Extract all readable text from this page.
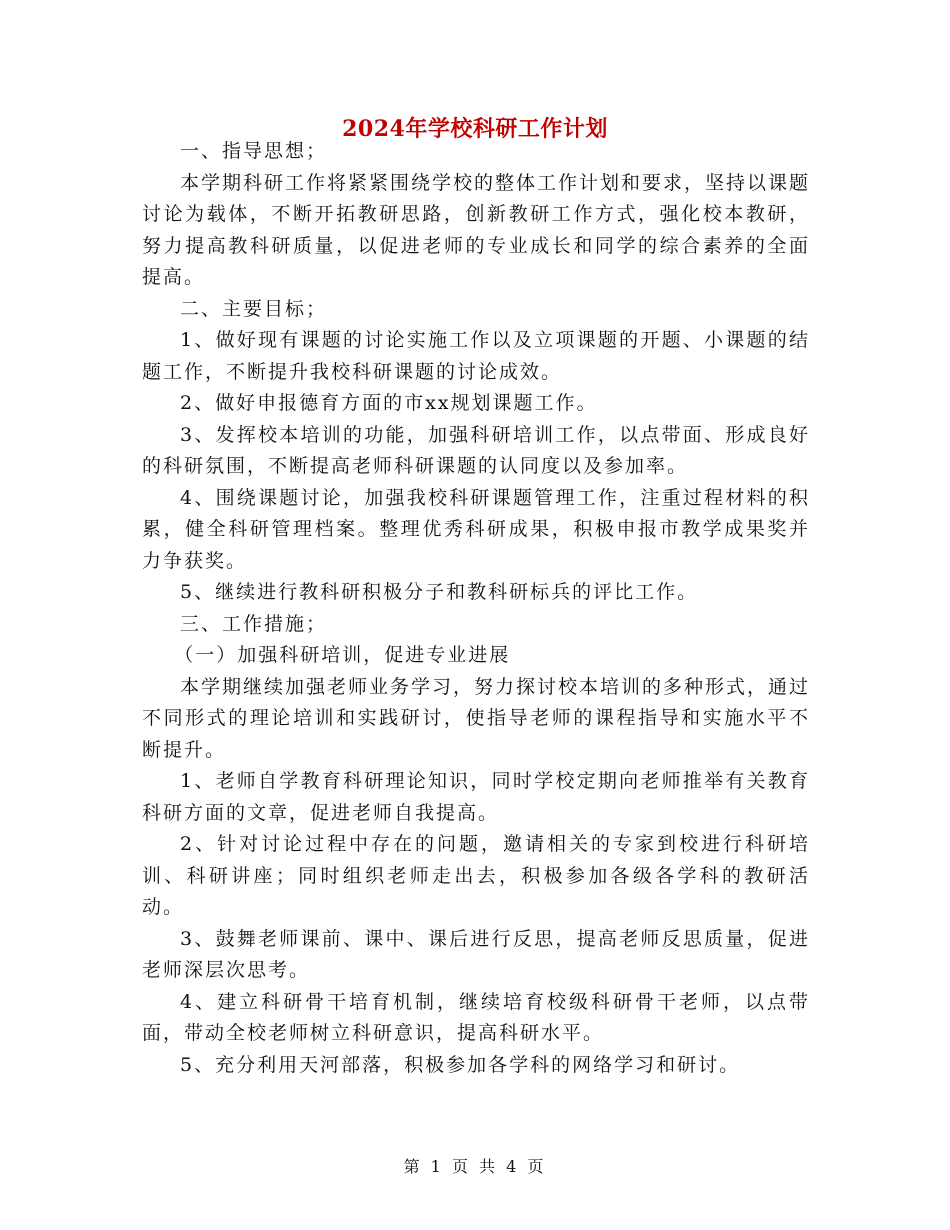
2024年学校科研工作计划

一、指导思想；

本学期科研工作将紧紧围绕学校的整体工作计划和要求，坚持以课题讨论为载体，不断开拓教研思路，创新教研工作方式，强化校本教研，努力提高教科研质量，以促进老师的专业成长和同学的综合素养的全面提高。

二、主要目标；

1、做好现有课题的讨论实施工作以及立项课题的开题、小课题的结题工作，不断提升我校科研课题的讨论成效。

2、做好申报德育方面的市xx规划课题工作。

3、发挥校本培训的功能，加强科研培训工作，以点带面、形成良好的科研氛围，不断提高老师科研课题的认同度以及参加率。

4、围绕课题讨论，加强我校科研课题管理工作，注重过程材料的积累，健全科研管理档案。整理优秀科研成果，积极申报市教学成果奖并力争获奖。

5、继续进行教科研积极分子和教科研标兵的评比工作。

三、工作措施；

（一）加强科研培训，促进专业进展

本学期继续加强老师业务学习，努力探讨校本培训的多种形式，通过不同形式的理论培训和实践研讨，使指导老师的课程指导和实施水平不断提升。

1、老师自学教育科研理论知识，同时学校定期向老师推举有关教育科研方面的文章，促进老师自我提高。

2、针对讨论过程中存在的问题，邀请相关的专家到校进行科研培训、科研讲座；同时组织老师走出去，积极参加各级各学科的教研活动。

3、鼓舞老师课前、课中、课后进行反思，提高老师反思质量，促进老师深层次思考。

4、建立科研骨干培育机制，继续培育校级科研骨干老师，以点带面，带动全校老师树立科研意识，提高科研水平。

5、充分利用天河部落，积极参加各学科的网络学习和研讨。

第 1 页 共 4 页
